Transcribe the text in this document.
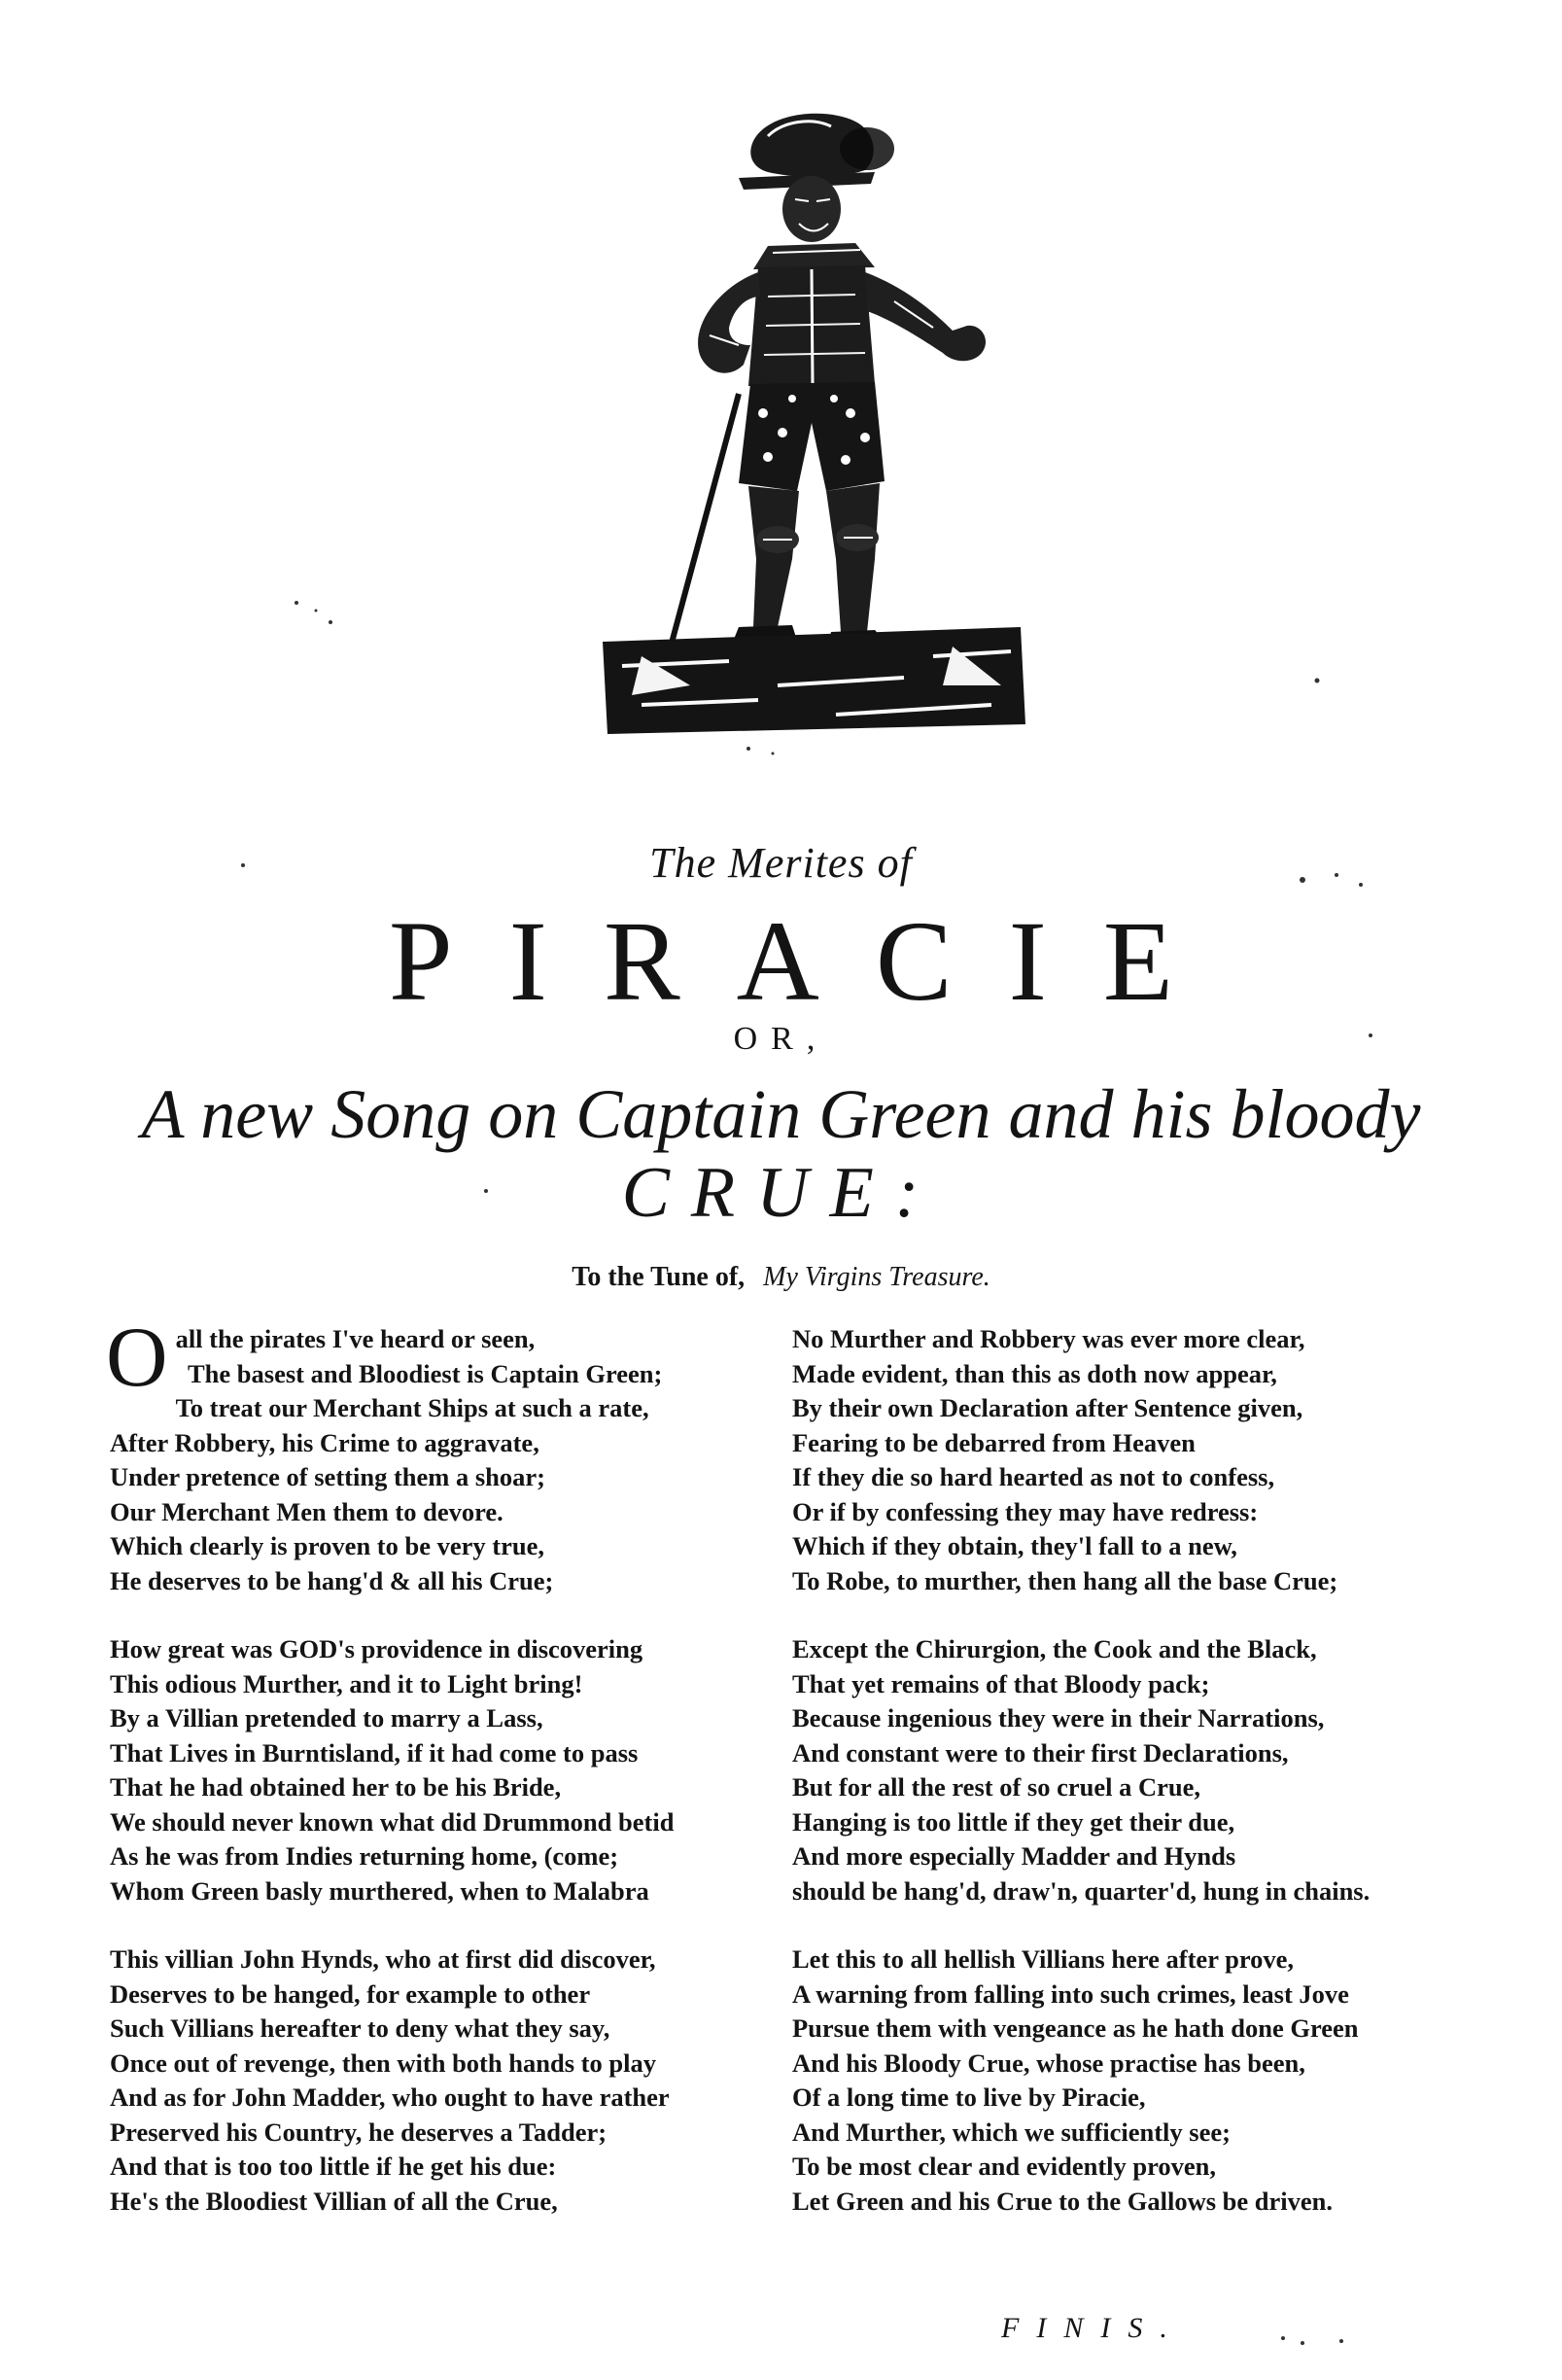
The Merites of
PIRACIE
OR,
A new Song on Captain Green and his bloody
CRUE:
To the Tune of, My Virgins Treasure.
O all the pirates I've heard or seen,
The basest and Bloodiest is Captain Green;
To treat our Merchant Ships at such a rate,
After Robbery, his Crime to aggravate,
Under pretence of setting them a shoar;
Our Merchant Men them to devore.
Which clearly is proven to be very true,
He deserves to be hang'd & all his Crue;
How great was GOD's providence in discovering
This odious Murther, and it to Light bring!
By a Villian pretended to marry a Lass,
That Lives in Burntisland, if it had come to pass
That he had obtained her to be his Bride,
We should never known what did Drummond betid
As he was from Indies returning home, (come;
Whom Green basly murthered, when to Malabra
This villian John Hynds, who at first did discover,
Deserves to be hanged, for example to other
Such Villians hereafter to deny what they say,
Once out of revenge, then with both hands to play
And as for John Madder, who ought to have rather
Preserved his Country, he deserves a Tadder;
And that is too too little if he get his due:
He's the Bloodiest Villian of all the Crue,
No Murther and Robbery was ever more clear,
Made evident, than this as doth now appear,
By their own Declaration after Sentence given,
Fearing to be debarred from Heaven
If they die so hard hearted as not to confess,
Or if by confessing they may have redress:
Which if they obtain, they'l fall to a new,
To Robe, to murther, then hang all the base Crue;
Except the Chirurgion, the Cook and the Black,
That yet remains of that Bloody pack;
Because ingenious they were in their Narrations,
And constant were to their first Declarations,
But for all the rest of so cruel a Crue,
Hanging is too little if they get their due,
And more especially Madder and Hynds
should be hang'd, draw'n, quarter'd, hung in chains.
Let this to all hellish Villians here after prove,
A warning from falling into such crimes, least Jove
Pursue them with vengeance as he hath done Green
And his Bloody Crue, whose practise has been,
Of a long time to live by Piracie,
And Murther, which we sufficiently see;
To be most clear and evidently proven,
Let Green and his Crue to the Gallows be driven.
FINIS.
